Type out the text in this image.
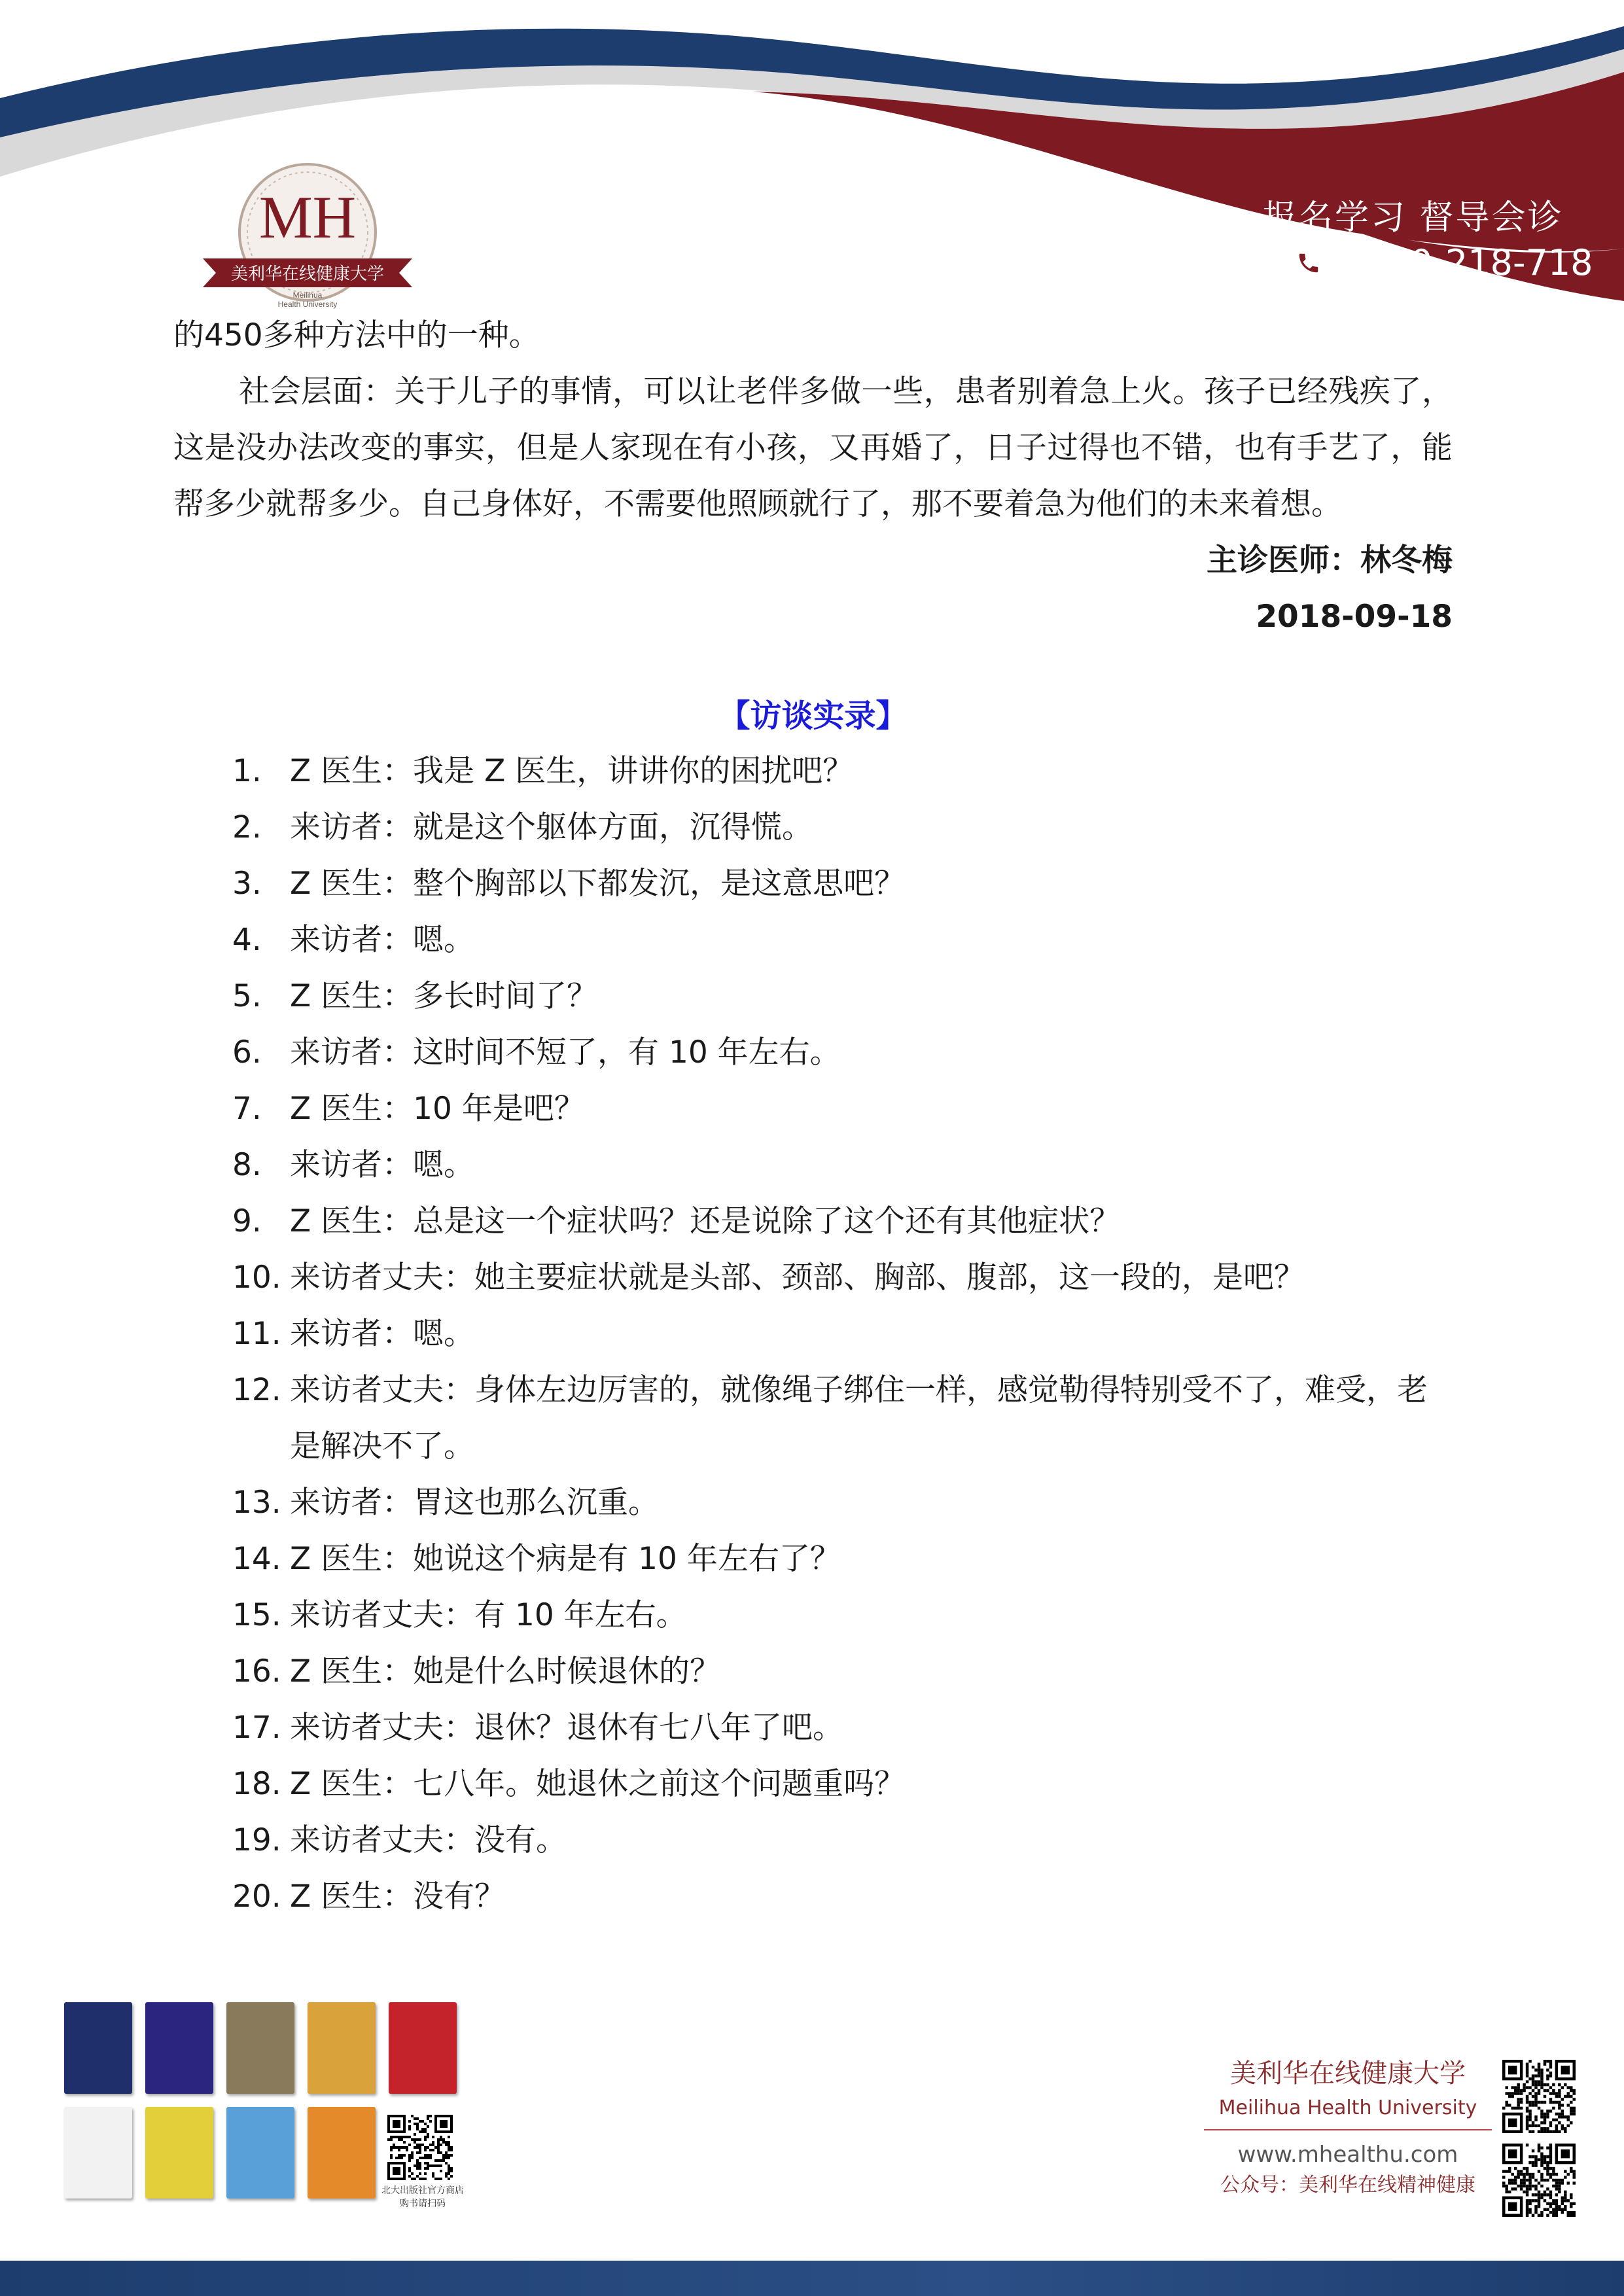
MH
美利华在线健康大学
Meilihua
Health University
报名学习 督导会诊
4000-218-718

的450多种方法中的一种。

社会层面：关于儿子的事情，可以让老伴多做一些，患者别着急上火。孩子已经残疾了，这是没办法改变的事实，但是人家现在有小孩，又再婚了，日子过得也不错，也有手艺了，能帮多少就帮多少。自己身体好，不需要他照顾就行了，那不要着急为他们的未来着想。

主诊医师：林冬梅

2018-09-18

【访谈实录】
1. Z 医生：我是 Z 医生，讲讲你的困扰吧？
2. 来访者：就是这个躯体方面，沉得慌。
3. Z 医生：整个胸部以下都发沉，是这意思吧？
4. 来访者：嗯。
5. Z 医生：多长时间了？
6. 来访者：这时间不短了，有 10 年左右。
7. Z 医生：10 年是吧？
8. 来访者：嗯。
9. Z 医生：总是这一个症状吗？还是说除了这个还有其他症状？
10. 来访者丈夫：她主要症状就是头部、颈部、胸部、腹部，这一段的，是吧？
11. 来访者：嗯。
12. 来访者丈夫：身体左边厉害的，就像绳子绑住一样，感觉勒得特别受不了，难受，老是解决不了。
13. 来访者：胃这也那么沉重。
14. Z 医生：她说这个病是有 10 年左右了？
15. 来访者丈夫：有 10 年左右。
16. Z 医生：她是什么时候退休的？
17. 来访者丈夫：退休？退休有七八年了吧。
18. Z 医生：七八年。她退休之前这个问题重吗？
19. 来访者丈夫：没有。
20. Z 医生：没有？
北大出版社官方商店
购书请扫码
美利华在线健康大学
Meilihua Health University
www.mhealthu.com
公众号：美利华在线精神健康
